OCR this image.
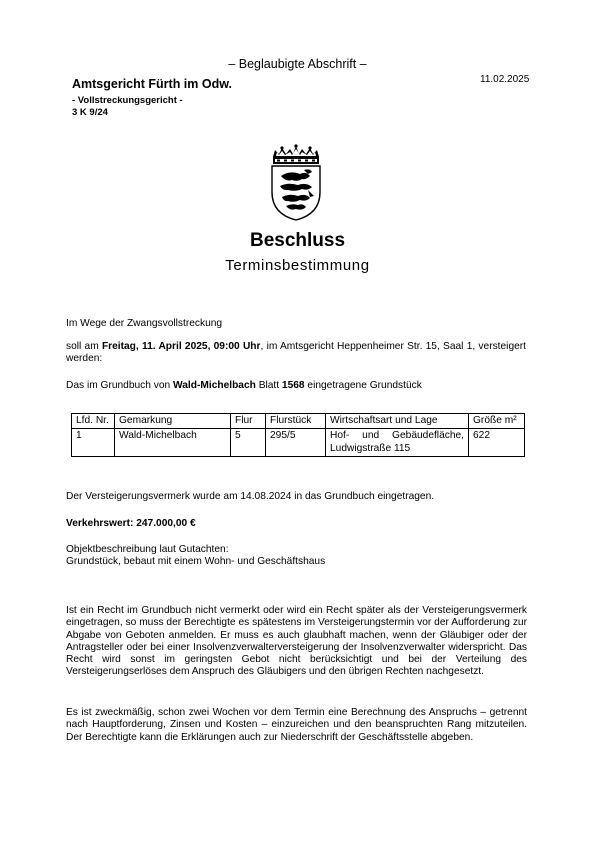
– Beglaubigte Abschrift –
Amtsgericht Fürth im Odw.
- Vollstreckungsgericht -
3 K 9/24
11.02.2025
Beschluss
Terminsbestimmung
Im Wege der Zwangsvollstreckung
soll am Freitag, 11. April 2025, 09:00 Uhr, im Amtsgericht Heppenheimer Str. 15, Saal 1, versteigert werden:
Das im Grundbuch von Wald-Michelbach Blatt 1568 eingetragene Grundstück
Lfd. Nr.	Gemarkung	Flur	Flurstück	Wirtschaftsart und Lage	Größe m²
1	Wald-Michelbach	5	295/5	Hof- und Gebäudefläche, Ludwigstraße 115	622
Der Versteigerungsvermerk wurde am 14.08.2024 in das Grundbuch eingetragen.
Verkehrswert: 247.000,00 €
Objektbeschreibung laut Gutachten:
Grundstück, bebaut mit einem Wohn- und Geschäftshaus
Ist ein Recht im Grundbuch nicht vermerkt oder wird ein Recht später als der Versteigerungsvermerk eingetragen, so muss der Berechtigte es spätestens im Versteigerungstermin vor der Aufforderung zur Abgabe von Geboten anmelden. Er muss es auch glaubhaft machen, wenn der Gläubiger oder der Antragsteller oder bei einer Insolvenzverwalterversteigerung der Insolvenzverwalter widerspricht. Das Recht wird sonst im geringsten Gebot nicht berücksichtigt und bei der Verteilung des Versteigerungserlöses dem Anspruch des Gläubigers und den übrigen Rechten nachgesetzt.
Es ist zweckmäßig, schon zwei Wochen vor dem Termin eine Berechnung des Anspruchs – getrennt nach Hauptforderung, Zinsen und Kosten – einzureichen und den beanspruchten Rang mitzuteilen. Der Berechtigte kann die Erklärungen auch zur Niederschrift der Geschäftsstelle abgeben.
